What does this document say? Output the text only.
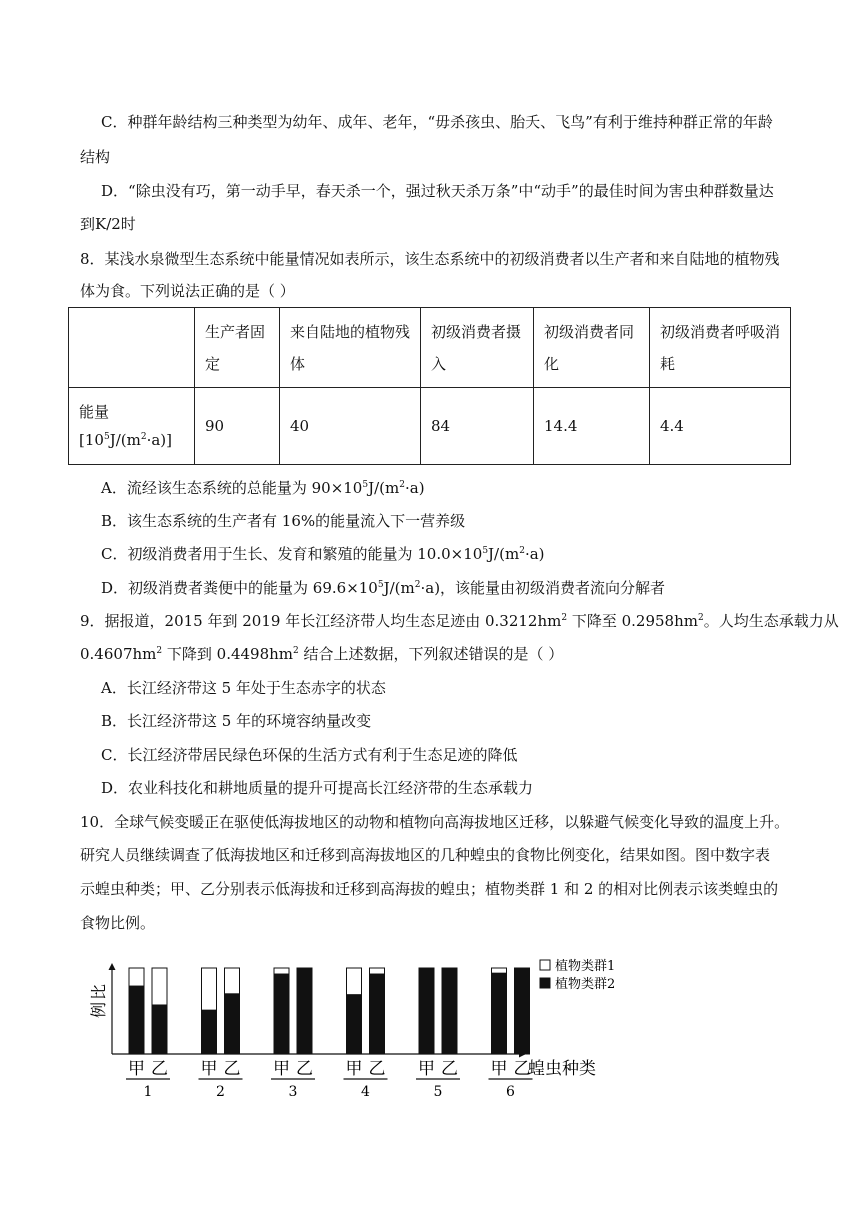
C．种群年龄结构三种类型为幼年、成年、老年，“毋杀孩虫、胎夭、飞鸟”有利于维持种群正常的年龄
结构
D．“除虫没有巧，第一动手早，春天杀一个，强过秋天杀万条”中“动手”的最佳时间为害虫种群数量达
到K/2时
8．某浅水泉微型生态系统中能量情况如表所示，该生态系统中的初级消费者以生产者和来自陆地的植物残
体为食。下列说法正确的是（ ）
	生产者固定	来自陆地的植物残体	初级消费者摄入	初级消费者同化	初级消费者呼吸消耗
能量
$[10^5J/(m^2\cdot a)]$	90	40	84	14.4	4.4
A．流经该生态系统的总能量为 $90\times 10^5J/(m^2\cdot a)$
B．该生态系统的生产者有 16%的能量流入下一营养级
C．初级消费者用于生长、发育和繁殖的能量为 $10.0\times 10^5J/(m^2\cdot a)$
D．初级消费者粪便中的能量为 $69.6\times 10^5J/(m^2\cdot a)$，该能量由初级消费者流向分解者
9．据报道，2015 年到 2019 年长江经济带人均生态足迹由 $0.3212hm^2$ 下降至 $0.2958hm^2$。人均生态承载力从
$0.4607hm^2$ 下降到 $0.4498hm^2$ 结合上述数据，下列叙述错误的是（ ）
A．长江经济带这 5 年处于生态赤字的状态
B．长江经济带这 5 年的环境容纳量改变
C．长江经济带居民绿色环保的生活方式有利于生态足迹的降低
D．农业科技化和耕地质量的提升可提高长江经济带的生态承载力
10．全球气候变暖正在驱使低海拔地区的动物和植物向高海拔地区迁移，以躲避气候变化导致的温度上升。
研究人员继续调查了低海拔地区和迁移到高海拔地区的几种蝗虫的食物比例变化，结果如图。图中数字表
示蝗虫种类；甲、乙分别表示低海拔和迁移到高海拔的蝗虫；植物类群 1 和 2 的相对比例表示该类蝗虫的
食物比例。
比
例
蝗虫种类
甲 乙
1
甲 乙
2
甲 乙
3
甲 乙
4
甲 乙
5
甲 乙
6
植物类群1
植物类群2
